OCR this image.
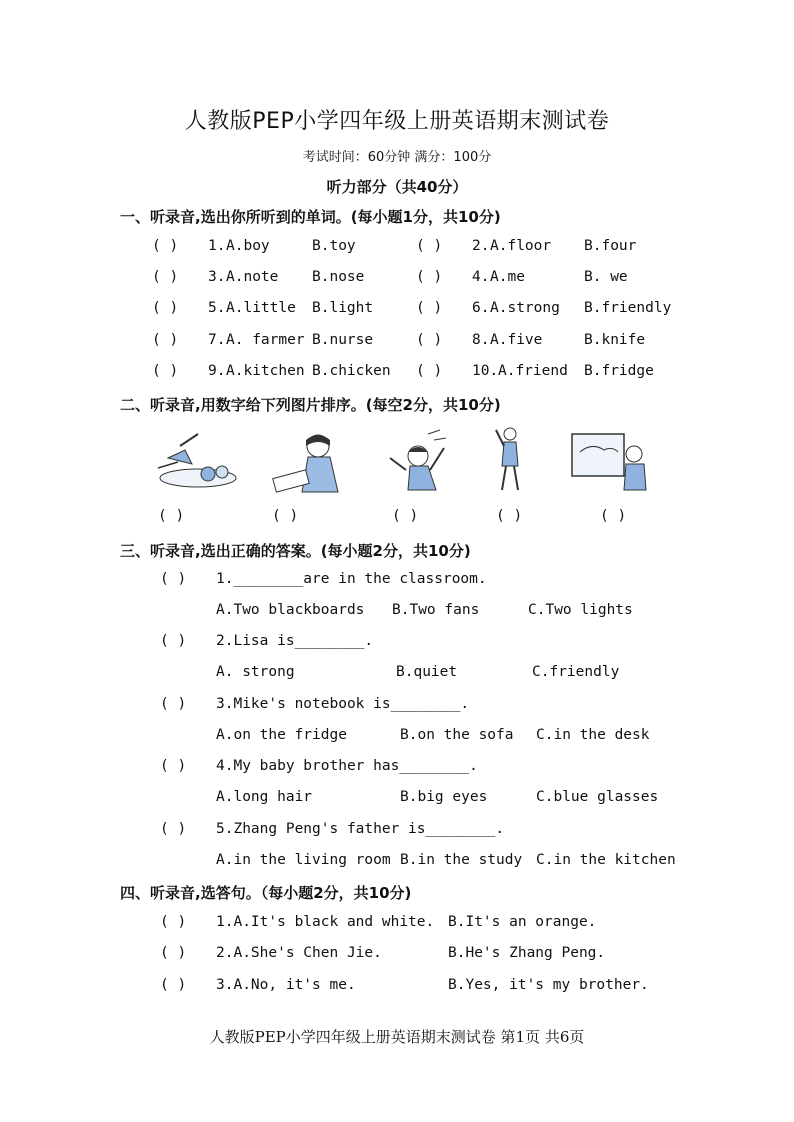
人教版PEP小学四年级上册英语期末测试卷
考试时间：60分钟 满分：100分
听力部分（共40分）
一、听录音,选出你所听到的单词。(每小题1分，共10分)
( ) 1. A.boy	B.toy	( ) 2. A.floor B.four
( ) 3. A.note B.nose	( ) 4. A.me	B. we
( ) 5. A.little B.light	( ) 6. A.strong B.friendly
( ) 7. A. farmer B.nurse	( ) 8. A.five	B.knife
( ) 9. A.kitchen B.chicken ( ) 10. A.friend B.fridge
二、听录音,用数字给下列图片排序。(每空2分，共10分)
( )	( )	( )	( )	( )
三、听录音,选出正确的答案。(每小题2分，共10分)
( ) 1.________are in the classroom.
A.Two blackboards B.Two fans	C.Two lights
( ) 2.Lisa is________.
A. strong	B.quiet	C.friendly
( ) 3.Mike's notebook is________.
A.on the fridge	B.on the sofa C.in the desk
( ) 4.My baby brother has________.
A.long hair	B.big eyes	C.blue glasses
( ) 5.Zhang Peng's father is________.
A.in the living room B.in the study C.in the kitchen
四、听录音,选答句。（每小题2分，共10分)
( ) 1.A.It's black and white. B.It's an orange.
( ) 2.A.She's Chen Jie.	B.He's Zhang Peng.
( ) 3.A.No, it's me.	B.Yes, it's my brother.
人教版PEP小学四年级上册英语期末测试卷 第1页 共6页
